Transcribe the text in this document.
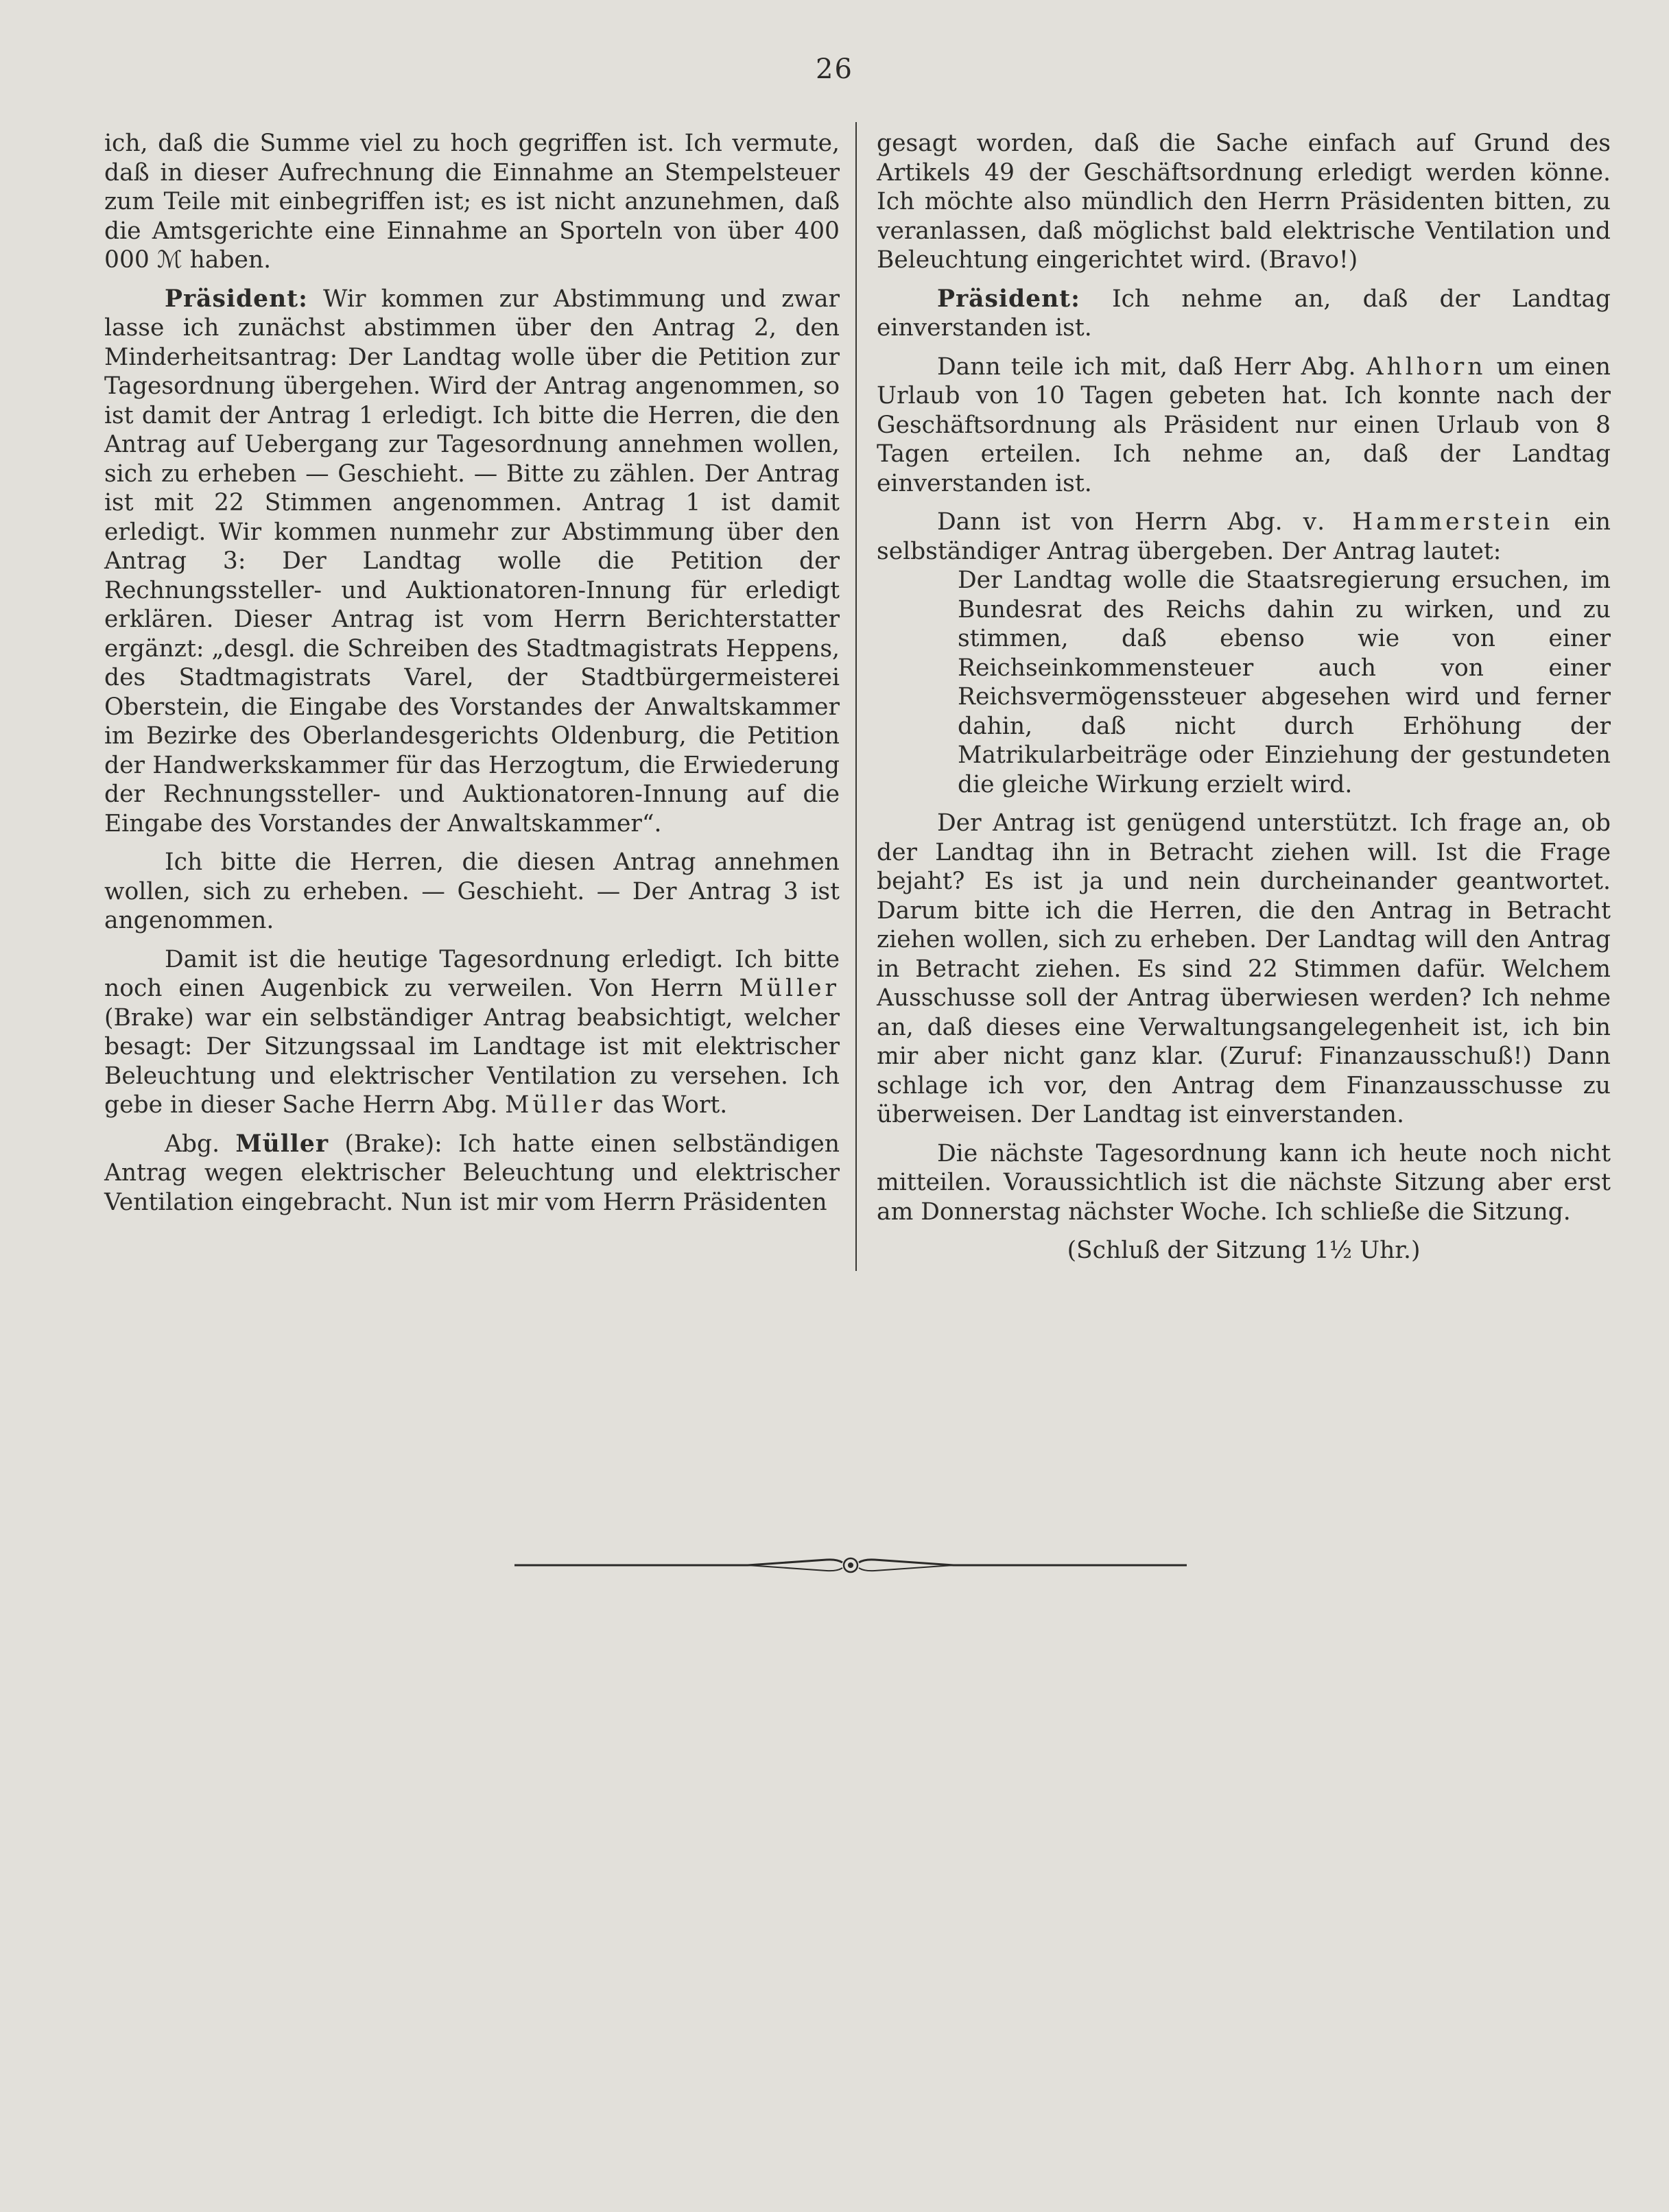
26

ich, daß die Summe viel zu hoch gegriffen ist. Ich vermute, daß in dieser Aufrechnung die Einnahme an Stempelsteuer zum Teile mit einbegriffen ist; es ist nicht anzunehmen, daß die Amtsgerichte eine Einnahme an Sporteln von über 400 000 ℳ haben.

Präsident: Wir kommen zur Abstimmung und zwar lasse ich zunächst abstimmen über den Antrag 2, den Minderheitsantrag: Der Landtag wolle über die Petition zur Tagesordnung übergehen. Wird der Antrag angenommen, so ist damit der Antrag 1 erledigt. Ich bitte die Herren, die den Antrag auf Uebergang zur Tagesordnung annehmen wollen, sich zu erheben — Geschieht. — Bitte zu zählen. Der Antrag ist mit 22 Stimmen angenommen. Antrag 1 ist damit erledigt. Wir kommen nunmehr zur Abstimmung über den Antrag 3: Der Landtag wolle die Petition der Rechnungssteller- und Auktionatoren-Innung für erledigt erklären. Dieser Antrag ist vom Herrn Berichterstatter ergänzt: „desgl. die Schreiben des Stadtmagistrats Heppens, des Stadtmagistrats Varel, der Stadtbürgermeisterei Oberstein, die Eingabe des Vorstandes der Anwaltskammer im Bezirke des Oberlandesgerichts Oldenburg, die Petition der Handwerkskammer für das Herzogtum, die Erwiederung der Rechnungssteller- und Auktionatoren-Innung auf die Eingabe des Vorstandes der Anwaltskammer“.

Ich bitte die Herren, die diesen Antrag annehmen wollen, sich zu erheben. — Geschieht. — Der Antrag 3 ist angenommen.

Damit ist die heutige Tagesordnung erledigt. Ich bitte noch einen Augenbick zu verweilen. Von Herrn Müller (Brake) war ein selbständiger Antrag beabsichtigt, welcher besagt: Der Sitzungssaal im Landtage ist mit elektrischer Beleuchtung und elektrischer Ventilation zu versehen. Ich gebe in dieser Sache Herrn Abg. Müller das Wort.

Abg. Müller (Brake): Ich hatte einen selbständigen Antrag wegen elektrischer Beleuchtung und elektrischer Ventilation eingebracht. Nun ist mir vom Herrn Präsidenten

gesagt worden, daß die Sache einfach auf Grund des Artikels 49 der Geschäftsordnung erledigt werden könne. Ich möchte also mündlich den Herrn Präsidenten bitten, zu veranlassen, daß möglichst bald elektrische Ventilation und Beleuchtung eingerichtet wird. (Bravo!)

Präsident: Ich nehme an, daß der Landtag einverstanden ist.

Dann teile ich mit, daß Herr Abg. Ahlhorn um einen Urlaub von 10 Tagen gebeten hat. Ich konnte nach der Geschäftsordnung als Präsident nur einen Urlaub von 8 Tagen erteilen. Ich nehme an, daß der Landtag einverstanden ist.

Dann ist von Herrn Abg. v. Hammerstein ein selbständiger Antrag übergeben. Der Antrag lautet:

Der Landtag wolle die Staatsregierung ersuchen, im Bundesrat des Reichs dahin zu wirken, und zu stimmen, daß ebenso wie von einer Reichseinkommensteuer auch von einer Reichsvermögenssteuer abgesehen wird und ferner dahin, daß nicht durch Erhöhung der Matrikularbeiträge oder Einziehung der gestundeten die gleiche Wirkung erzielt wird.

Der Antrag ist genügend unterstützt. Ich frage an, ob der Landtag ihn in Betracht ziehen will. Ist die Frage bejaht? Es ist ja und nein durcheinander geantwortet. Darum bitte ich die Herren, die den Antrag in Betracht ziehen wollen, sich zu erheben. Der Landtag will den Antrag in Betracht ziehen. Es sind 22 Stimmen dafür. Welchem Ausschusse soll der Antrag überwiesen werden? Ich nehme an, daß dieses eine Verwaltungsangelegenheit ist, ich bin mir aber nicht ganz klar. (Zuruf: Finanzausschuß!) Dann schlage ich vor, den Antrag dem Finanzausschusse zu überweisen. Der Landtag ist einverstanden.

Die nächste Tagesordnung kann ich heute noch nicht mitteilen. Voraussichtlich ist die nächste Sitzung aber erst am Donnerstag nächster Woche. Ich schließe die Sitzung.

(Schluß der Sitzung 1½ Uhr.)
